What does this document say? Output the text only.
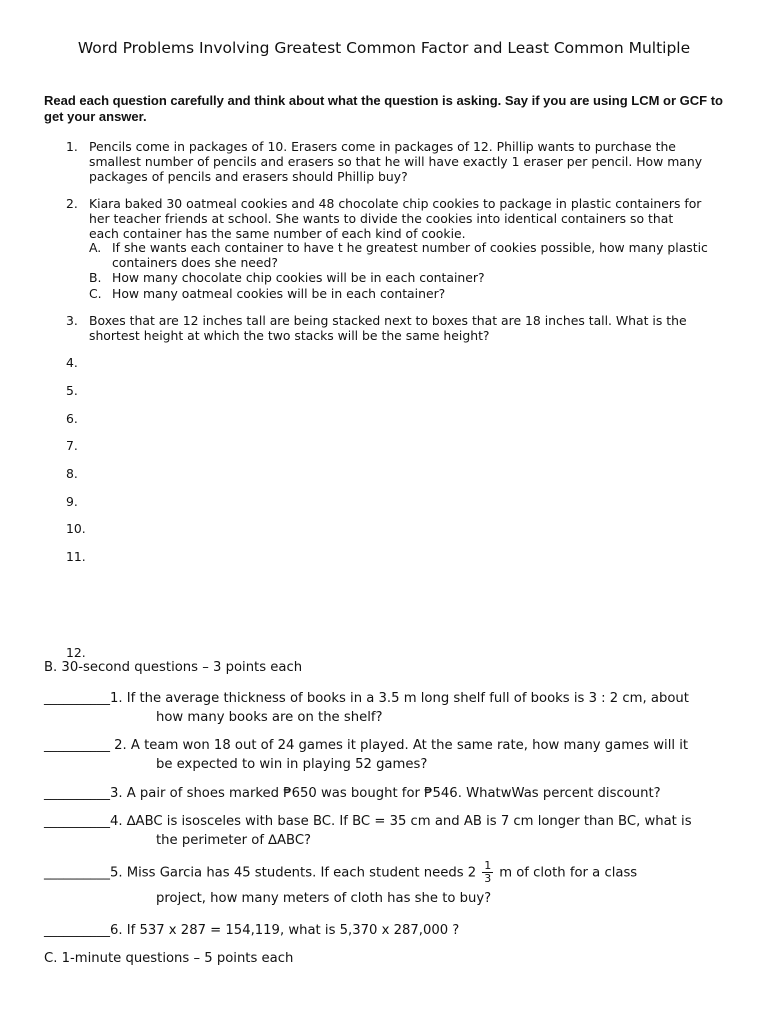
Word Problems Involving Greatest Common Factor and Least Common Multiple
Read each question carefully and think about what the question is asking. Say if you are using LCM or GCF to get your answer.
1. Pencils come in packages of 10. Erasers come in packages of 12. Phillip wants to purchase the smallest number of pencils and erasers so that he will have exactly 1 eraser per pencil. How many packages of pencils and erasers should Phillip buy?
2. Kiara baked 30 oatmeal cookies and 48 chocolate chip cookies to package in plastic containers for her teacher friends at school. She wants to divide the cookies into identical containers so that each container has the same number of each kind of cookie.
A. If she wants each container to have t he greatest number of cookies possible, how many plastic containers does she need?
B. How many chocolate chip cookies will be in each container?
C. How many oatmeal cookies will be in each container?
3. Boxes that are 12 inches tall are being stacked next to boxes that are 18 inches tall. What is the shortest height at which the two stacks will be the same height?
4.
5.
6.
7.
8.
9.
10.
11.
12.
B. 30-second questions – 3 points each
__________1. If the average thickness of books in a 3.5 m long shelf full of books is 3 : 2 cm, about
how many books are on the shelf?
__________ 2. A team won 18 out of 24 games it played. At the same rate, how many games will it
be expected to win in playing 52 games?
__________3. A pair of shoes marked ₱650 was bought for ₱546. WhatwWas percent discount?
__________4. ∆ABC is isosceles with base BC. If BC = 35 cm and AB is 7 cm longer than BC, what is
the perimeter of ∆ABC?
__________5. Miss Garcia has 45 students. If each student needs $2 \frac{1}{3}$ m of cloth for a class
project, how many meters of cloth has she to buy?
__________6. If 537 x 287 = 154,119, what is 5,370 x 287,000 ?
C. 1-minute questions – 5 points each
